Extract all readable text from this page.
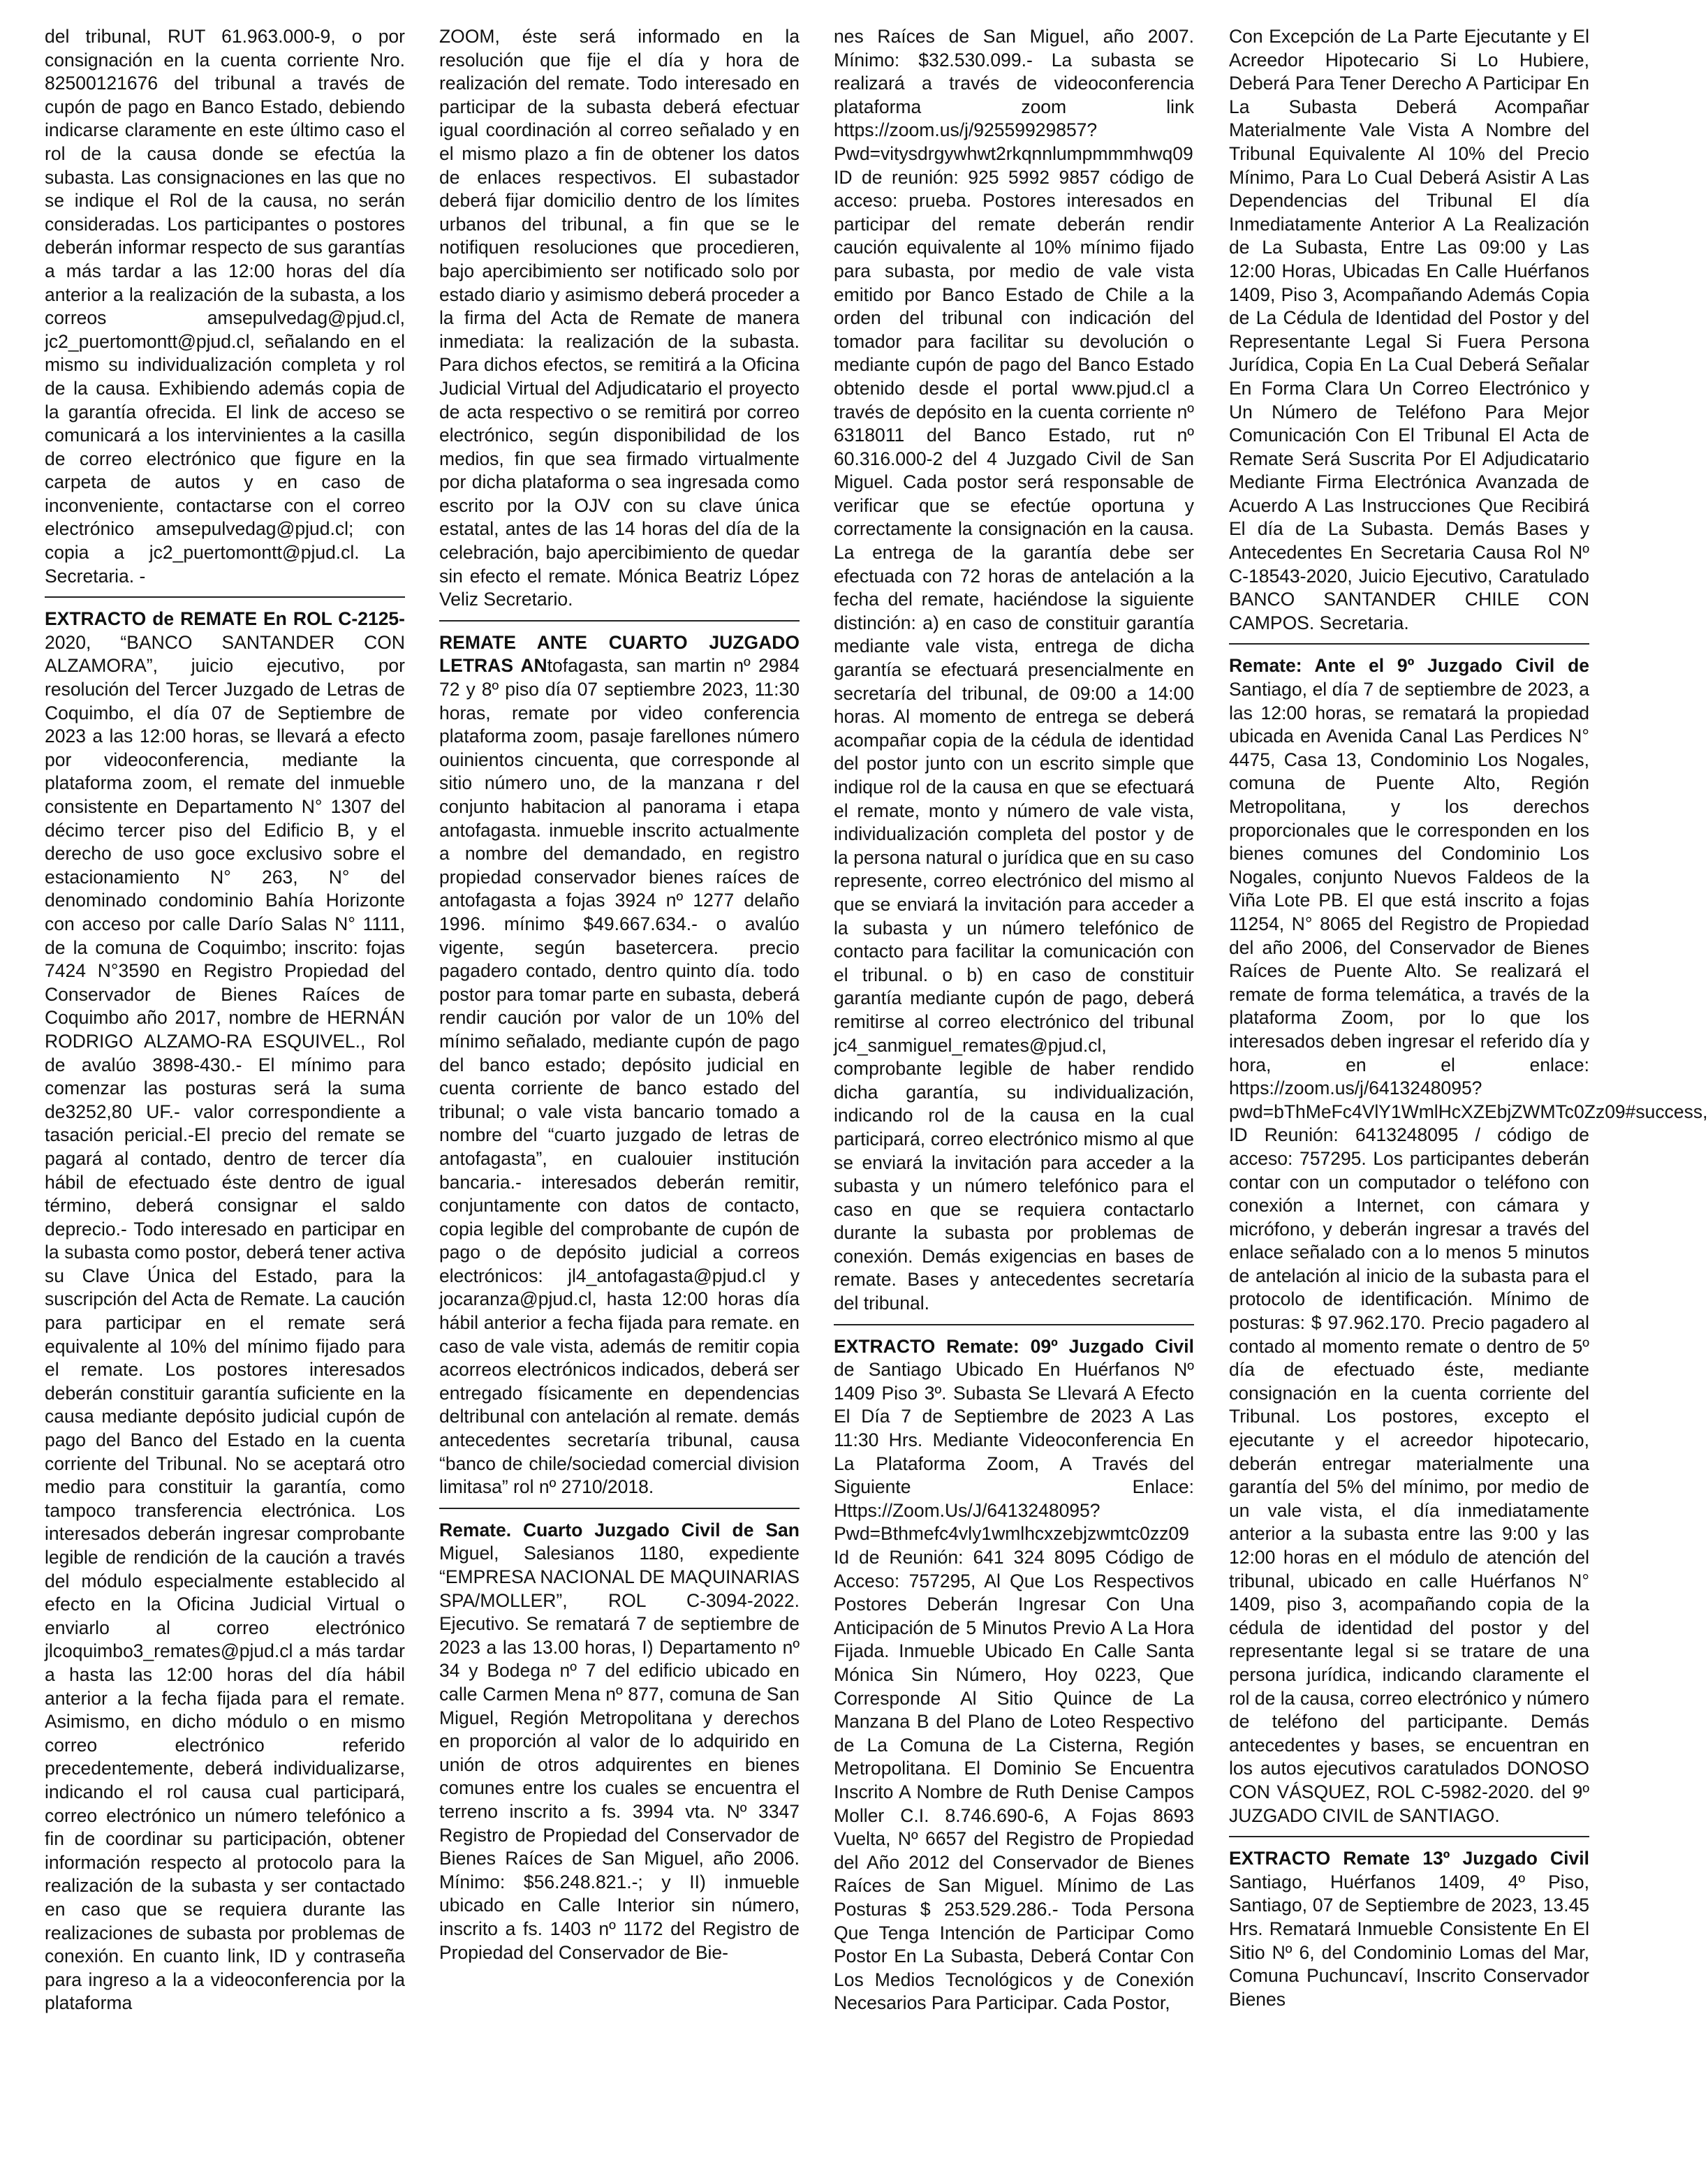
del tribunal, RUT 61.963.000-9, o por consignación en la cuenta corriente Nro. 82500121676 del tribunal a través de cupón de pago en Banco Estado, debiendo indicarse claramente en este último caso el rol de la causa donde se efectúa la subasta. Las consignaciones en las que no se indique el Rol de la causa, no serán consideradas. Los participantes o postores deberán informar respecto de sus garantías a más tardar a las 12:00 horas del día anterior a la realización de la subasta, a los correos amsepulvedag@pjud.cl, jc2_puertomontt@pjud.cl, señalando en el mismo su individualización completa y rol de la causa. Exhibiendo además copia de la garantía ofrecida. El link de acceso se comunicará a los intervinientes a la casilla de correo electrónico que figure en la carpeta de autos y en caso de inconveniente, contactarse con el correo electrónico amsepulvedag@pjud.cl; con copia a jc2_puertomontt@pjud.cl. La Secretaria. -

EXTRACTO de REMATE En ROL C-2125-2020, “BANCO SANTANDER CON ALZAMORA”, juicio ejecutivo, por resolución del Tercer Juzgado de Letras de Coquimbo, el día 07 de Septiembre de 2023 a las 12:00 horas, se llevará a efecto por videoconferencia, mediante la plataforma zoom, el remate del inmueble consistente en Departamento N° 1307 del décimo tercer piso del Edificio B, y el derecho de uso goce exclusivo sobre el estacionamiento N° 263, N° del denominado condominio Bahía Horizonte con acceso por calle Darío Salas N° 1111, de la comuna de Coquimbo; inscrito: fojas 7424 N°3590 en Registro Propiedad del Conservador de Bienes Raíces de Coquimbo año 2017, nombre de HERNÁN RODRIGO ALZAMO-RA ESQUIVEL., Rol de avalúo 3898-430.- El mínimo para comenzar las posturas será la suma de3252,80 UF.- valor correspondiente a tasación pericial.-El precio del remate se pagará al contado, dentro de tercer día hábil de efectuado éste dentro de igual término, deberá consignar el saldo deprecio.- Todo interesado en participar en la subasta como postor, deberá tener activa su Clave Única del Estado, para la suscripción del Acta de Remate. La caución para participar en el remate será equivalente al 10% del mínimo fijado para el remate. Los postores interesados deberán constituir garantía suficiente en la causa mediante depósito judicial cupón de pago del Banco del Estado en la cuenta corriente del Tribunal. No se aceptará otro medio para constituir la garantía, como tampoco transferencia electrónica. Los interesados deberán ingresar comprobante legible de rendición de la caución a través del módulo especialmente establecido al efecto en la Oficina Judicial Virtual o enviarlo al correo electrónico jlcoquimbo3_remates@pjud.cl a más tardar a hasta las 12:00 horas del día hábil anterior a la fecha fijada para el remate. Asimismo, en dicho módulo o en mismo correo electrónico referido precedentemente, deberá individualizarse, indicando el rol causa cual participará, correo electrónico un número telefónico a fin de coordinar su participación, obtener información respecto al protocolo para la realización de la subasta y ser contactado en caso que se requiera durante las realizaciones de subasta por problemas de conexión. En cuanto link, ID y contraseña para ingreso a la a videoconferencia por la plataforma

ZOOM, éste será informado en la resolución que fije el día y hora de realización del remate. Todo interesado en participar de la subasta deberá efectuar igual coordinación al correo señalado y en el mismo plazo a fin de obtener los datos de enlaces respectivos. El subastador deberá fijar domicilio dentro de los límites urbanos del tribunal, a fin que se le notifiquen resoluciones que procedieren, bajo apercibimiento ser notificado solo por estado diario y asimismo deberá proceder a la firma del Acta de Remate de manera inmediata: la realización de la subasta. Para dichos efectos, se remitirá a la Oficina Judicial Virtual del Adjudicatario el proyecto de acta respectivo o se remitirá por correo electrónico, según disponibilidad de los medios, fin que sea firmado virtualmente por dicha plataforma o sea ingresada como escrito por la OJV con su clave única estatal, antes de las 14 horas del día de la celebración, bajo apercibimiento de quedar sin efecto el remate. Mónica Beatriz López Veliz Secretario.

REMATE ANTE CUARTO JUZGADO LETRAS ANtofagasta, san martin nº 2984 72 y 8º piso día 07 septiembre 2023, 11:30 horas, remate por video conferencia plataforma zoom, pasaje farellones número ouinientos cincuenta, que corresponde al sitio número uno, de la manzana r del conjunto habitacion al panorama i etapa antofagasta. inmueble inscrito actualmente a nombre del demandado, en registro propiedad conservador bienes raíces de antofagasta a fojas 3924 nº 1277 delaño 1996. mínimo $49.667.634.- o avalúo vigente, según basetercera. precio pagadero contado, dentro quinto día. todo postor para tomar parte en subasta, deberá rendir caución por valor de un 10% del mínimo señalado, mediante cupón de pago del banco estado; depósito judicial en cuenta corriente de banco estado del tribunal; o vale vista bancario tomado a nombre del “cuarto juzgado de letras de antofagasta”, en cualouier institución bancaria.- interesados deberán remitir, conjuntamente con datos de contacto, copia legible del comprobante de cupón de pago o de depósito judicial a correos electrónicos: jl4_antofagasta@pjud.cl y jocaranza@pjud.cl, hasta 12:00 horas día hábil anterior a fecha fijada para remate. en caso de vale vista, además de remitir copia acorreos electrónicos indicados, deberá ser entregado físicamente en dependencias deltribunal con antelación al remate. demás antecedentes secretaría tribunal, causa “banco de chile/sociedad comercial division limitasa” rol nº 2710/2018.

Remate. Cuarto Juzgado Civil de San Miguel, Salesianos 1180, expediente “EMPRESA NACIONAL DE MAQUINARIAS SPA/MOLLER”, ROL C-3094-2022. Ejecutivo. Se rematará 7 de septiembre de 2023 a las 13.00 horas, I) Departamento nº 34 y Bodega nº 7 del edificio ubicado en calle Carmen Mena nº 877, comuna de San Miguel, Región Metropolitana y derechos en proporción al valor de lo adquirido en unión de otros adquirentes en bienes comunes entre los cuales se encuentra el terreno inscrito a fs. 3994 vta. Nº 3347 Registro de Propiedad del Conservador de Bienes Raíces de San Miguel, año 2006. Mínimo: $56.248.821.-; y II) inmueble ubicado en Calle Interior sin número, inscrito a fs. 1403 nº 1172 del Registro de Propiedad del Conservador de Bie-

nes Raíces de San Miguel, año 2007. Mínimo: $32.530.099.- La subasta se realizará a través de videoconferencia plataforma zoom link https://zoom.us/j/92559929857?Pwd=vitysdrgywhwt2rkqnnlumpmmmhwq09 ID de reunión: 925 5992 9857 código de acceso: prueba. Postores interesados en participar del remate deberán rendir caución equivalente al 10% mínimo fijado para subasta, por medio de vale vista emitido por Banco Estado de Chile a la orden del tribunal con indicación del tomador para facilitar su devolución o mediante cupón de pago del Banco Estado obtenido desde el portal www.pjud.cl a través de depósito en la cuenta corriente nº 6318011 del Banco Estado, rut nº 60.316.000-2 del 4 Juzgado Civil de San Miguel. Cada postor será responsable de verificar que se efectúe oportuna y correctamente la consignación en la causa. La entrega de la garantía debe ser efectuada con 72 horas de antelación a la fecha del remate, haciéndose la siguiente distinción: a) en caso de constituir garantía mediante vale vista, entrega de dicha garantía se efectuará presencialmente en secretaría del tribunal, de 09:00 a 14:00 horas. Al momento de entrega se deberá acompañar copia de la cédula de identidad del postor junto con un escrito simple que indique rol de la causa en que se efectuará el remate, monto y número de vale vista, individualización completa del postor y de la persona natural o jurídica que en su caso represente, correo electrónico del mismo al que se enviará la invitación para acceder a la subasta y un número telefónico de contacto para facilitar la comunicación con el tribunal. o b) en caso de constituir garantía mediante cupón de pago, deberá remitirse al correo electrónico del tribunal jc4_sanmiguel_remates@pjud.cl, comprobante legible de haber rendido dicha garantía, su individualización, indicando rol de la causa en la cual participará, correo electrónico mismo al que se enviará la invitación para acceder a la subasta y un número telefónico para el caso en que se requiera contactarlo durante la subasta por problemas de conexión. Demás exigencias en bases de remate. Bases y antecedentes secretaría del tribunal.

EXTRACTO Remate: 09º Juzgado Civil de Santiago Ubicado En Huérfanos Nº 1409 Piso 3º. Subasta Se Llevará A Efecto El Día 7 de Septiembre de 2023 A Las 11:30 Hrs. Mediante Videoconferencia En La Plataforma Zoom, A Través del Siguiente Enlace: Https://Zoom.Us/J/6413248095?Pwd=Bthmefc4vly1wmlhcxzebjzwmtc0zz09 Id de Reunión: 641 324 8095 Código de Acceso: 757295, Al Que Los Respectivos Postores Deberán Ingresar Con Una Anticipación de 5 Minutos Previo A La Hora Fijada. Inmueble Ubicado En Calle Santa Mónica Sin Número, Hoy 0223, Que Corresponde Al Sitio Quince de La Manzana B del Plano de Loteo Respectivo de La Comuna de La Cisterna, Región Metropolitana. El Dominio Se Encuentra Inscrito A Nombre de Ruth Denise Campos Moller C.I. 8.746.690-6, A Fojas 8693 Vuelta, Nº 6657 del Registro de Propiedad del Año 2012 del Conservador de Bienes Raíces de San Miguel. Mínimo de Las Posturas $ 253.529.286.- Toda Persona Que Tenga Intención de Participar Como Postor En La Subasta, Deberá Contar Con Los Medios Tecnológicos y de Conexión Necesarios Para Participar. Cada Postor,

Con Excepción de La Parte Ejecutante y El Acreedor Hipotecario Si Lo Hubiere, Deberá Para Tener Derecho A Participar En La Subasta Deberá Acompañar Materialmente Vale Vista A Nombre del Tribunal Equivalente Al 10% del Precio Mínimo, Para Lo Cual Deberá Asistir A Las Dependencias del Tribunal El día Inmediatamente Anterior A La Realización de La Subasta, Entre Las 09:00 y Las 12:00 Horas, Ubicadas En Calle Huérfanos 1409, Piso 3, Acompañando Además Copia de La Cédula de Identidad del Postor y del Representante Legal Si Fuera Persona Jurídica, Copia En La Cual Deberá Señalar En Forma Clara Un Correo Electrónico y Un Número de Teléfono Para Mejor Comunicación Con El Tribunal El Acta de Remate Será Suscrita Por El Adjudicatario Mediante Firma Electrónica Avanzada de Acuerdo A Las Instrucciones Que Recibirá El día de La Subasta. Demás Bases y Antecedentes En Secretaria Causa Rol Nº C-18543-2020, Juicio Ejecutivo, Caratulado BANCO SANTANDER CHILE CON CAMPOS. Secretaria.

Remate: Ante el 9º Juzgado Civil de Santiago, el día 7 de septiembre de 2023, a las 12:00 horas, se rematará la propiedad ubicada en Avenida Canal Las Perdices N° 4475, Casa 13, Condominio Los Nogales, comuna de Puente Alto, Región Metropolitana, y los derechos proporcionales que le corresponden en los bienes comunes del Condominio Los Nogales, conjunto Nuevos Faldeos de la Viña Lote PB. El que está inscrito a fojas 11254, N° 8065 del Registro de Propiedad del año 2006, del Conservador de Bienes Raíces de Puente Alto. Se realizará el remate de forma telemática, a través de la plataforma Zoom, por lo que los interesados deben ingresar el referido día y hora, en el enlace: https://zoom.us/j/6413248095?pwd=bThMeFc4VlY1WmlHcXZEbjZWMTc0Zz09#success, ID Reunión: 6413248095 / código de acceso: 757295. Los participantes deberán contar con un computador o teléfono con conexión a Internet, con cámara y micrófono, y deberán ingresar a través del enlace señalado con a lo menos 5 minutos de antelación al inicio de la subasta para el protocolo de identificación. Mínimo de posturas: $ 97.962.170. Precio pagadero al contado al momento remate o dentro de 5º día de efectuado éste, mediante consignación en la cuenta corriente del Tribunal. Los postores, excepto el ejecutante y el acreedor hipotecario, deberán entregar materialmente una garantía del 5% del mínimo, por medio de un vale vista, el día inmediatamente anterior a la subasta entre las 9:00 y las 12:00 horas en el módulo de atención del tribunal, ubicado en calle Huérfanos N° 1409, piso 3, acompañando copia de la cédula de identidad del postor y del representante legal si se tratare de una persona jurídica, indicando claramente el rol de la causa, correo electrónico y número de teléfono del participante. Demás antecedentes y bases, se encuentran en los autos ejecutivos caratulados DONOSO CON VÁSQUEZ, ROL C-5982-2020. del 9º JUZGADO CIVIL de SANTIAGO.

EXTRACTO Remate 13º Juzgado Civil Santiago, Huérfanos 1409, 4º Piso, Santiago, 07 de Septiembre de 2023, 13.45 Hrs. Rematará Inmueble Consistente En El Sitio Nº 6, del Condominio Lomas del Mar, Comuna Puchuncaví, Inscrito Conservador Bienes
